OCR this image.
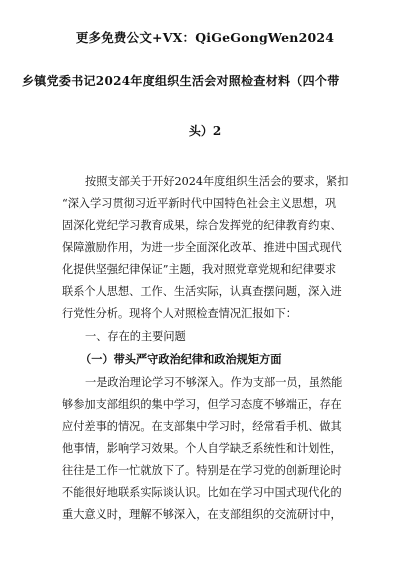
更多免费公文+VX：QiGeGongWen2024
乡镇党委书记2024年度组织生活会对照检查材料（四个带
头）2
按照支部关于开好2024年度组织生活会的要求，紧扣
“深入学习贯彻习近平新时代中国特色社会主义思想，巩
固深化党纪学习教育成果，综合发挥党的纪律教育约束、
保障激励作用，为进一步全面深化改革、推进中国式现代
化提供坚强纪律保证”主题，我对照党章党规和纪律要求
联系个人思想、工作、生活实际，认真查摆问题，深入进
行党性分析。现将个人对照检查情况汇报如下：
一、存在的主要问题
（一）带头严守政治纪律和政治规矩方面
一是政治理论学习不够深入。作为支部一员，虽然能
够参加支部组织的集中学习，但学习态度不够端正，存在
应付差事的情况。在支部集中学习时，经常看手机、做其
他事情，影响学习效果。个人自学缺乏系统性和计划性，
往往是工作一忙就放下了。特别是在学习党的创新理论时
不能很好地联系实际谈认识。比如在学习中国式现代化的
重大意义时，理解不够深入，在支部组织的交流研讨中，
